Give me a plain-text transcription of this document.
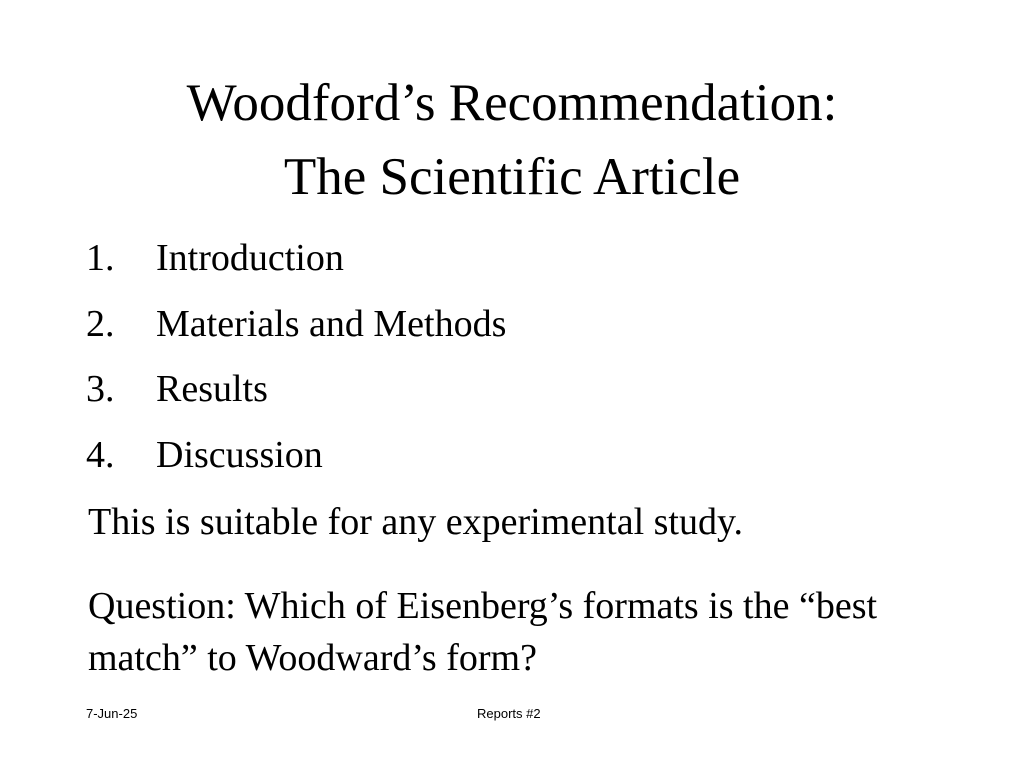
Woodford’s Recommendation:
The Scientific Article
1.	Introduction
2.	Materials and Methods
3.	Results
4.	Discussion

This is suitable for any experimental study.

Question: Which of Eisenberg’s formats is the “best match” to Woodward’s form?

7-Jun-25	Reports #2
